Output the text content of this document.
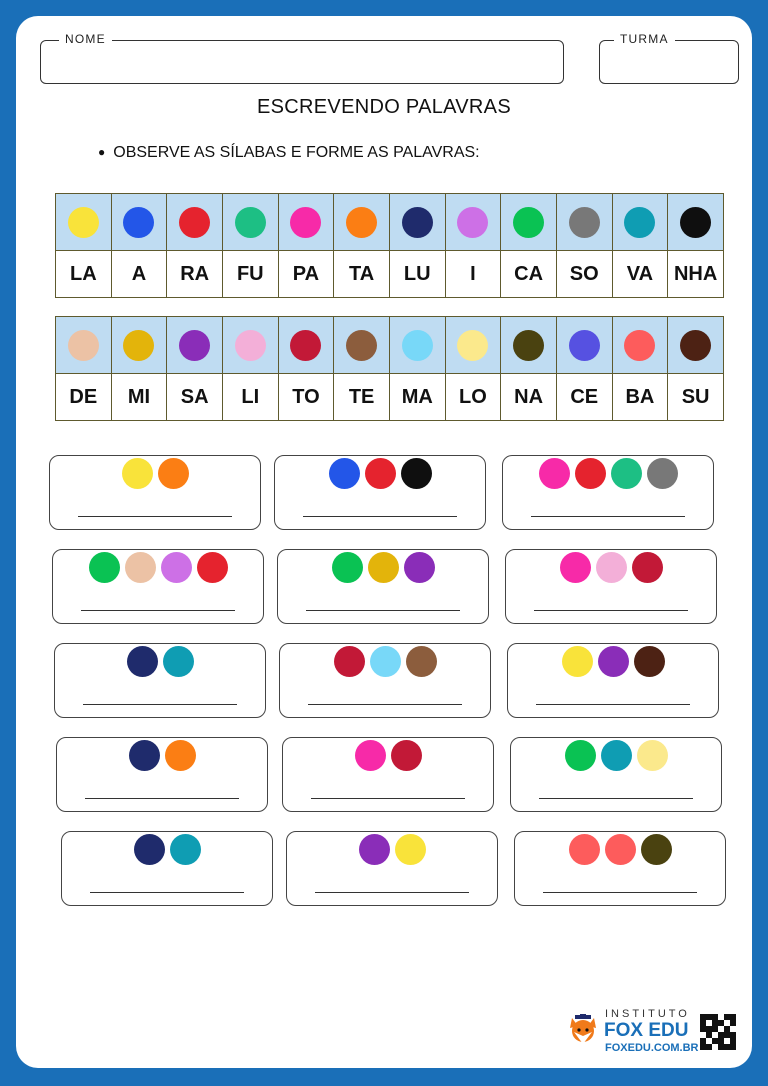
NOME	TURMA
ESCREVENDO PALAVRAS
● OBSERVE AS SÍLABAS E FORME AS PALAVRAS:

LA	A	RA	FU	PA	TA	LU	I	CA	SO	VA	NHA

DE	MI	SA	LI	TO	TE	MA	LO	NA	CE	BA	SU
INSTITUTO
FOX EDU
FOXEDU.COM.BR
